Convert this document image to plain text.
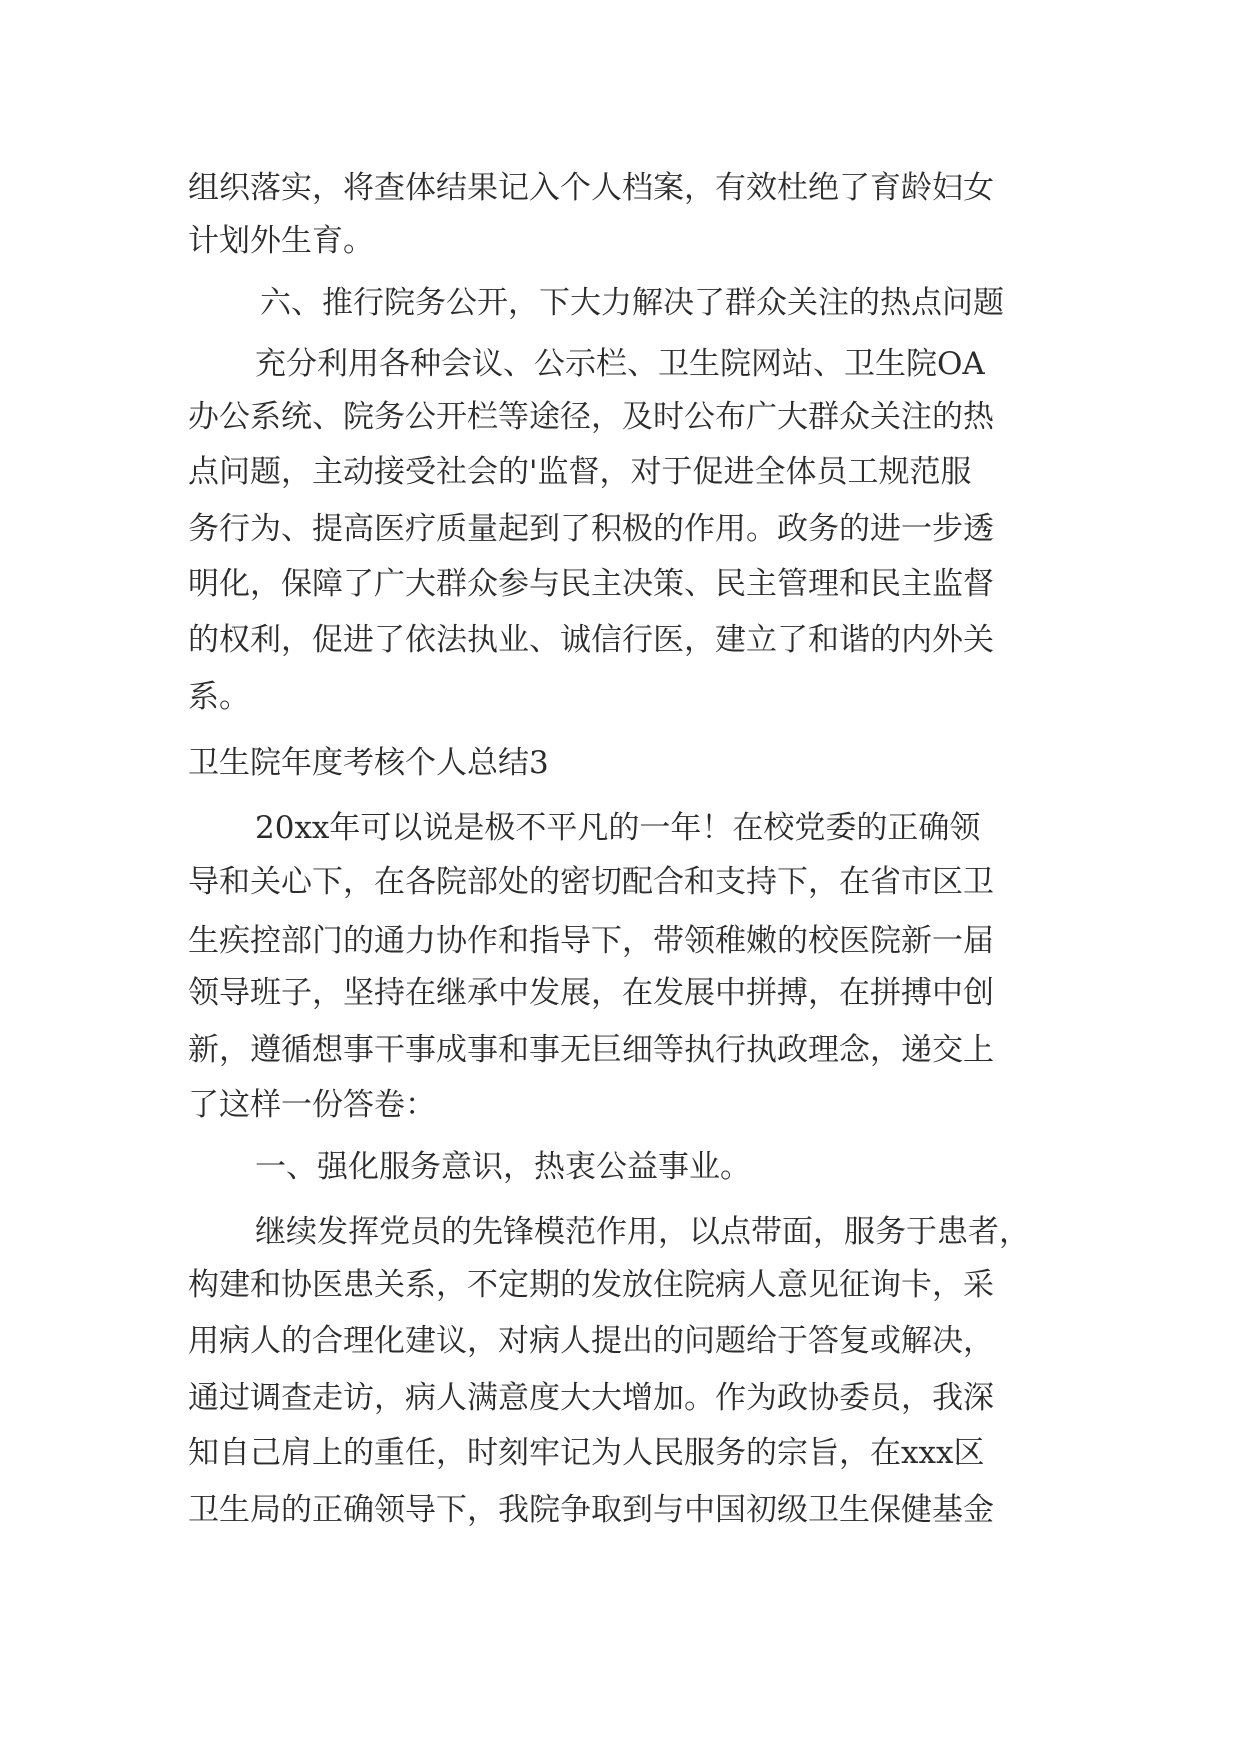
组织落实，将查体结果记入个人档案，有效杜绝了育龄妇女
计划外生育。
六、推行院务公开，下大力解决了群众关注的热点问题
充分利用各种会议、公示栏、卫生院网站、卫生院OA
办公系统、院务公开栏等途径，及时公布广大群众关注的热
点问题，主动接受社会的'监督，对于促进全体员工规范服
务行为、提高医疗质量起到了积极的作用。政务的进一步透
明化，保障了广大群众参与民主决策、民主管理和民主监督
的权利，促进了依法执业、诚信行医，建立了和谐的内外关
系。
卫生院年度考核个人总结3
20xx年可以说是极不平凡的一年！在校党委的正确领
导和关心下，在各院部处的密切配合和支持下，在省市区卫
生疾控部门的通力协作和指导下，带领稚嫩的校医院新一届
领导班子，坚持在继承中发展，在发展中拼搏，在拼搏中创
新，遵循想事干事成事和事无巨细等执行执政理念，递交上
了这样一份答卷：
一、强化服务意识，热衷公益事业。
继续发挥党员的先锋模范作用，以点带面，服务于患者，
构建和协医患关系，不定期的发放住院病人意见征询卡，采
用病人的合理化建议，对病人提出的问题给于答复或解决，
通过调查走访，病人满意度大大增加。作为政协委员，我深
知自己肩上的重任，时刻牢记为人民服务的宗旨，在xxx区
卫生局的正确领导下，我院争取到与中国初级卫生保健基金
